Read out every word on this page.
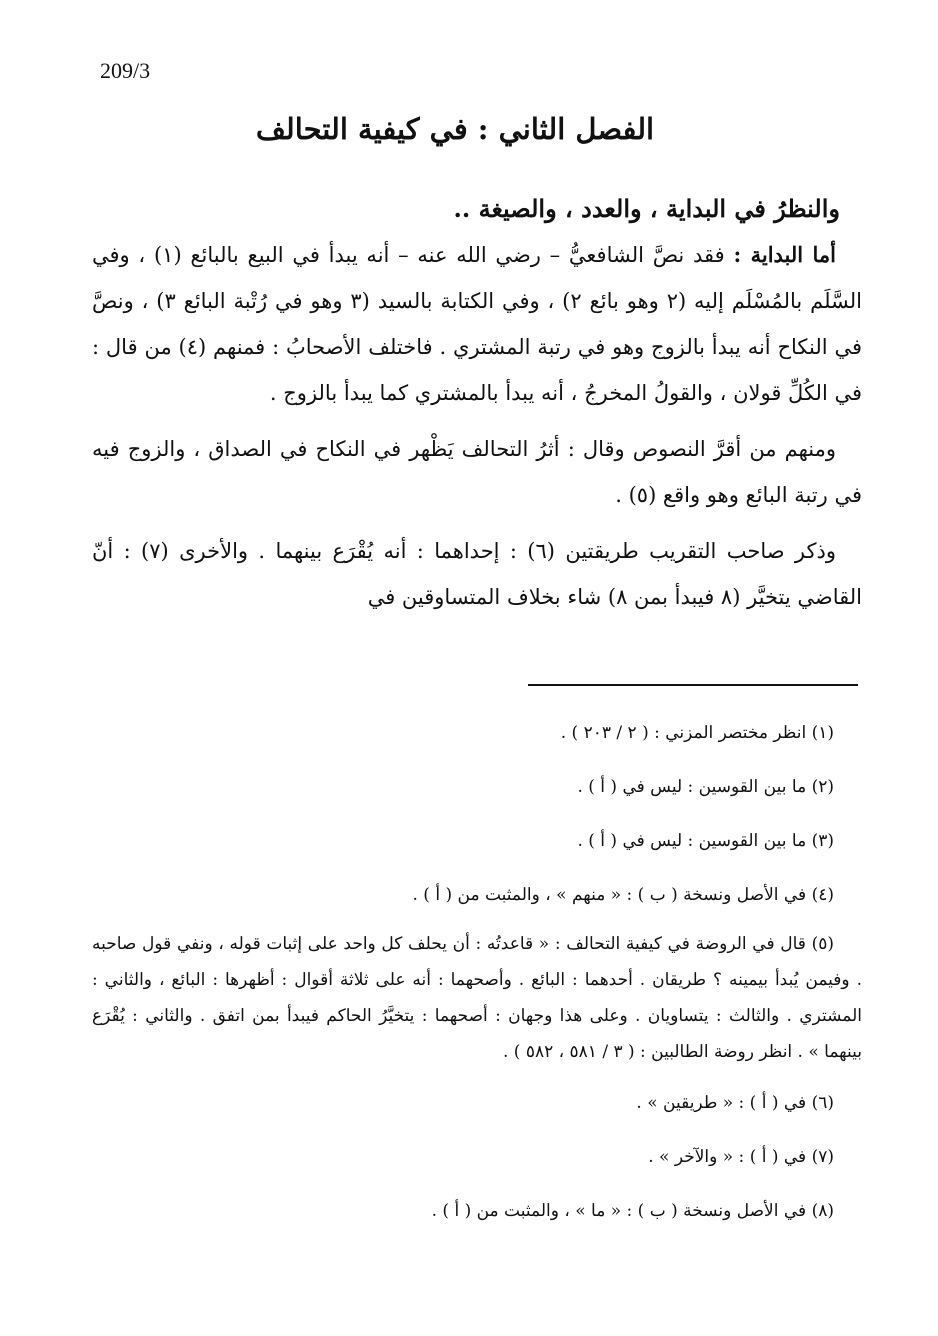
209/3
الفصل الثاني : في كيفية التحالف

والنظرُ في البداية ، والعدد ، والصيغة ..

أما البداية : فقد نصَّ الشافعيُّ – رضي الله عنه – أنه يبدأ في البيع بالبائع (١) ، وفي السَّلَم بالمُسْلَم إليه (٢ وهو بائع ٢) ، وفي الكتابة بالسيد (٣ وهو في رُتْبة البائع ٣) ، ونصَّ في النكاح أنه يبدأ بالزوج وهو في رتبة المشتري . فاختلف الأصحابُ : فمنهم (٤) من قال : في الكُلِّ قولان ، والقولُ المخرجُ ، أنه يبدأ بالمشتري كما يبدأ بالزوج .

ومنهم من أقرَّ النصوص وقال : أثرُ التحالف يَظْهر في النكاح في الصداق ، والزوج فيه في رتبة البائع وهو واقع (٥) .

وذكر صاحب التقريب طريقتين (٦) : إحداهما : أنه يُقْرَع بينهما . والأخرى (٧) : أنّ القاضي يتخيَّر (٨ فيبدأ بمن ٨) شاء بخلاف المتساوقين في

(١) انظر مختصر المزني : ( ٢ / ٢٠٣ ) .

(٢) ما بين القوسين : ليس في ( أ ) .

(٣) ما بين القوسين : ليس في ( أ ) .

(٤) في الأصل ونسخة ( ب ) : « منهم » ، والمثبت من ( أ ) .

(٥) قال في الروضة في كيفية التحالف : « قاعدتُه : أن يحلف كل واحد على إثبات قوله ، ونفي قول صاحبه . وفيمن يُبدأ بيمينه ؟ طريقان . أحدهما : البائع . وأصحهما : أنه على ثلاثة أقوال : أظهرها : البائع ، والثاني : المشتري . والثالث : يتساويان . وعلى هذا وجهان : أصحهما : يتخيَّرُ الحاكم فيبدأ بمن اتفق . والثاني : يُقْرَع بينهما » . انظر روضة الطالبين : ( ٣ / ٥٨١ ، ٥٨٢ ) .

(٦) في ( أ ) : « طريقين » .

(٧) في ( أ ) : « والآخر » .

(٨) في الأصل ونسخة ( ب ) : « ما » ، والمثبت من ( أ ) .
